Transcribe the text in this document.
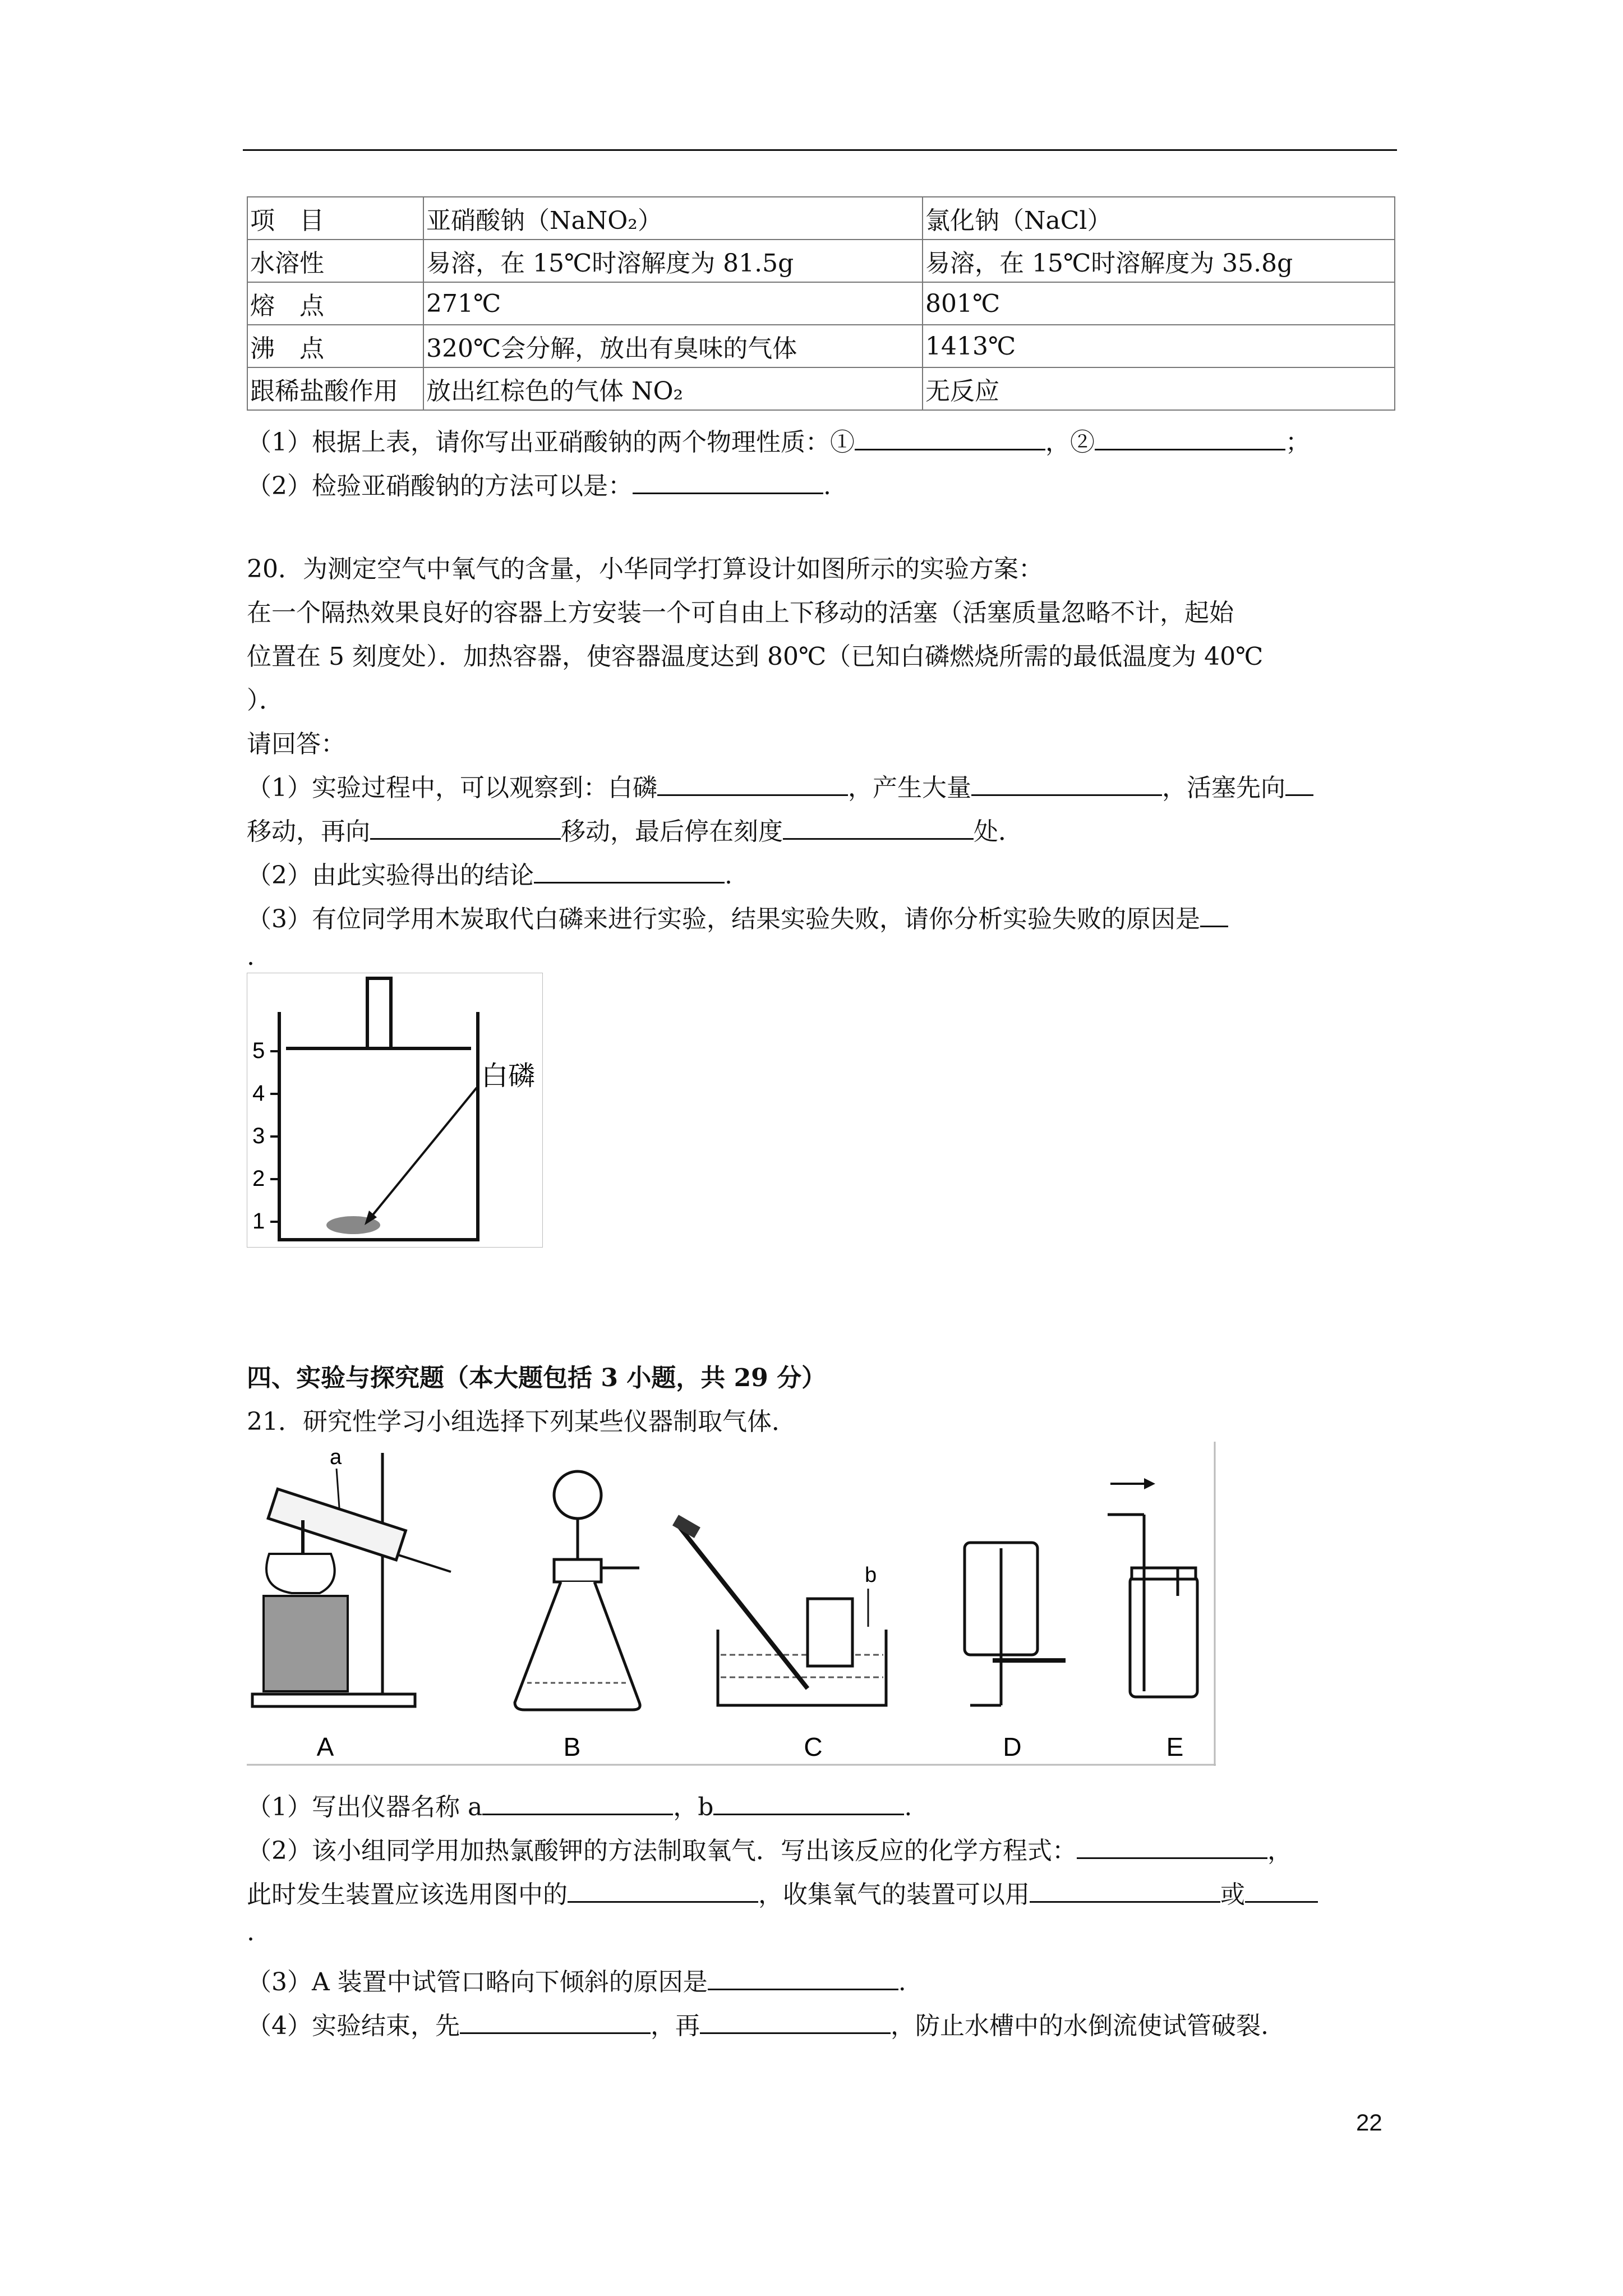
项　目	亚硝酸钠（NaNO₂）	氯化钠（NaCl）
水溶性	易溶，在 15℃时溶解度为 81.5g	易溶，在 15℃时溶解度为 35.8g
熔　点	271℃	801℃
沸　点	320℃会分解，放出有臭味的气体	1413℃
跟稀盐酸作用	放出红棕色的气体 NO₂	无反应
（1）根据上表，请你写出亚硝酸钠的两个物理性质：①	，②	；
（2）检验亚硝酸钠的方法可以是：	.
20．为测定空气中氧气的含量，小华同学打算设计如图所示的实验方案：
在一个隔热效果良好的容器上方安装一个可自由上下移动的活塞（活塞质量忽略不计，起始
位置在 5 刻度处）．加热容器，使容器温度达到 80℃（已知白磷燃烧所需的最低温度为 40℃
）．
请回答：
（1）实验过程中，可以观察到：白磷	，产生大量	，活塞先向
移动，再向	移动，最后停在刻度	处．
（2）由此实验得出的结论	.
（3）有位同学用木炭取代白磷来进行实验，结果实验失败，请你分析实验失败的原因是
.
5
4
3
2
1
白磷
四、实验与探究题（本大题包括 3 小题，共 29 分）
21．研究性学习小组选择下列某些仪器制取气体．
a
b
A	B	C	D	E
（1）写出仪器名称 a	，b	.
（2）该小组同学用加热氯酸钾的方法制取氧气．写出该反应的化学方程式：	，
此时发生装置应该选用图中的	，收集氧气的装置可以用	或
.
（3）A 装置中试管口略向下倾斜的原因是	.
（4）实验结束，先	，再	，防止水槽中的水倒流使试管破裂.
22
